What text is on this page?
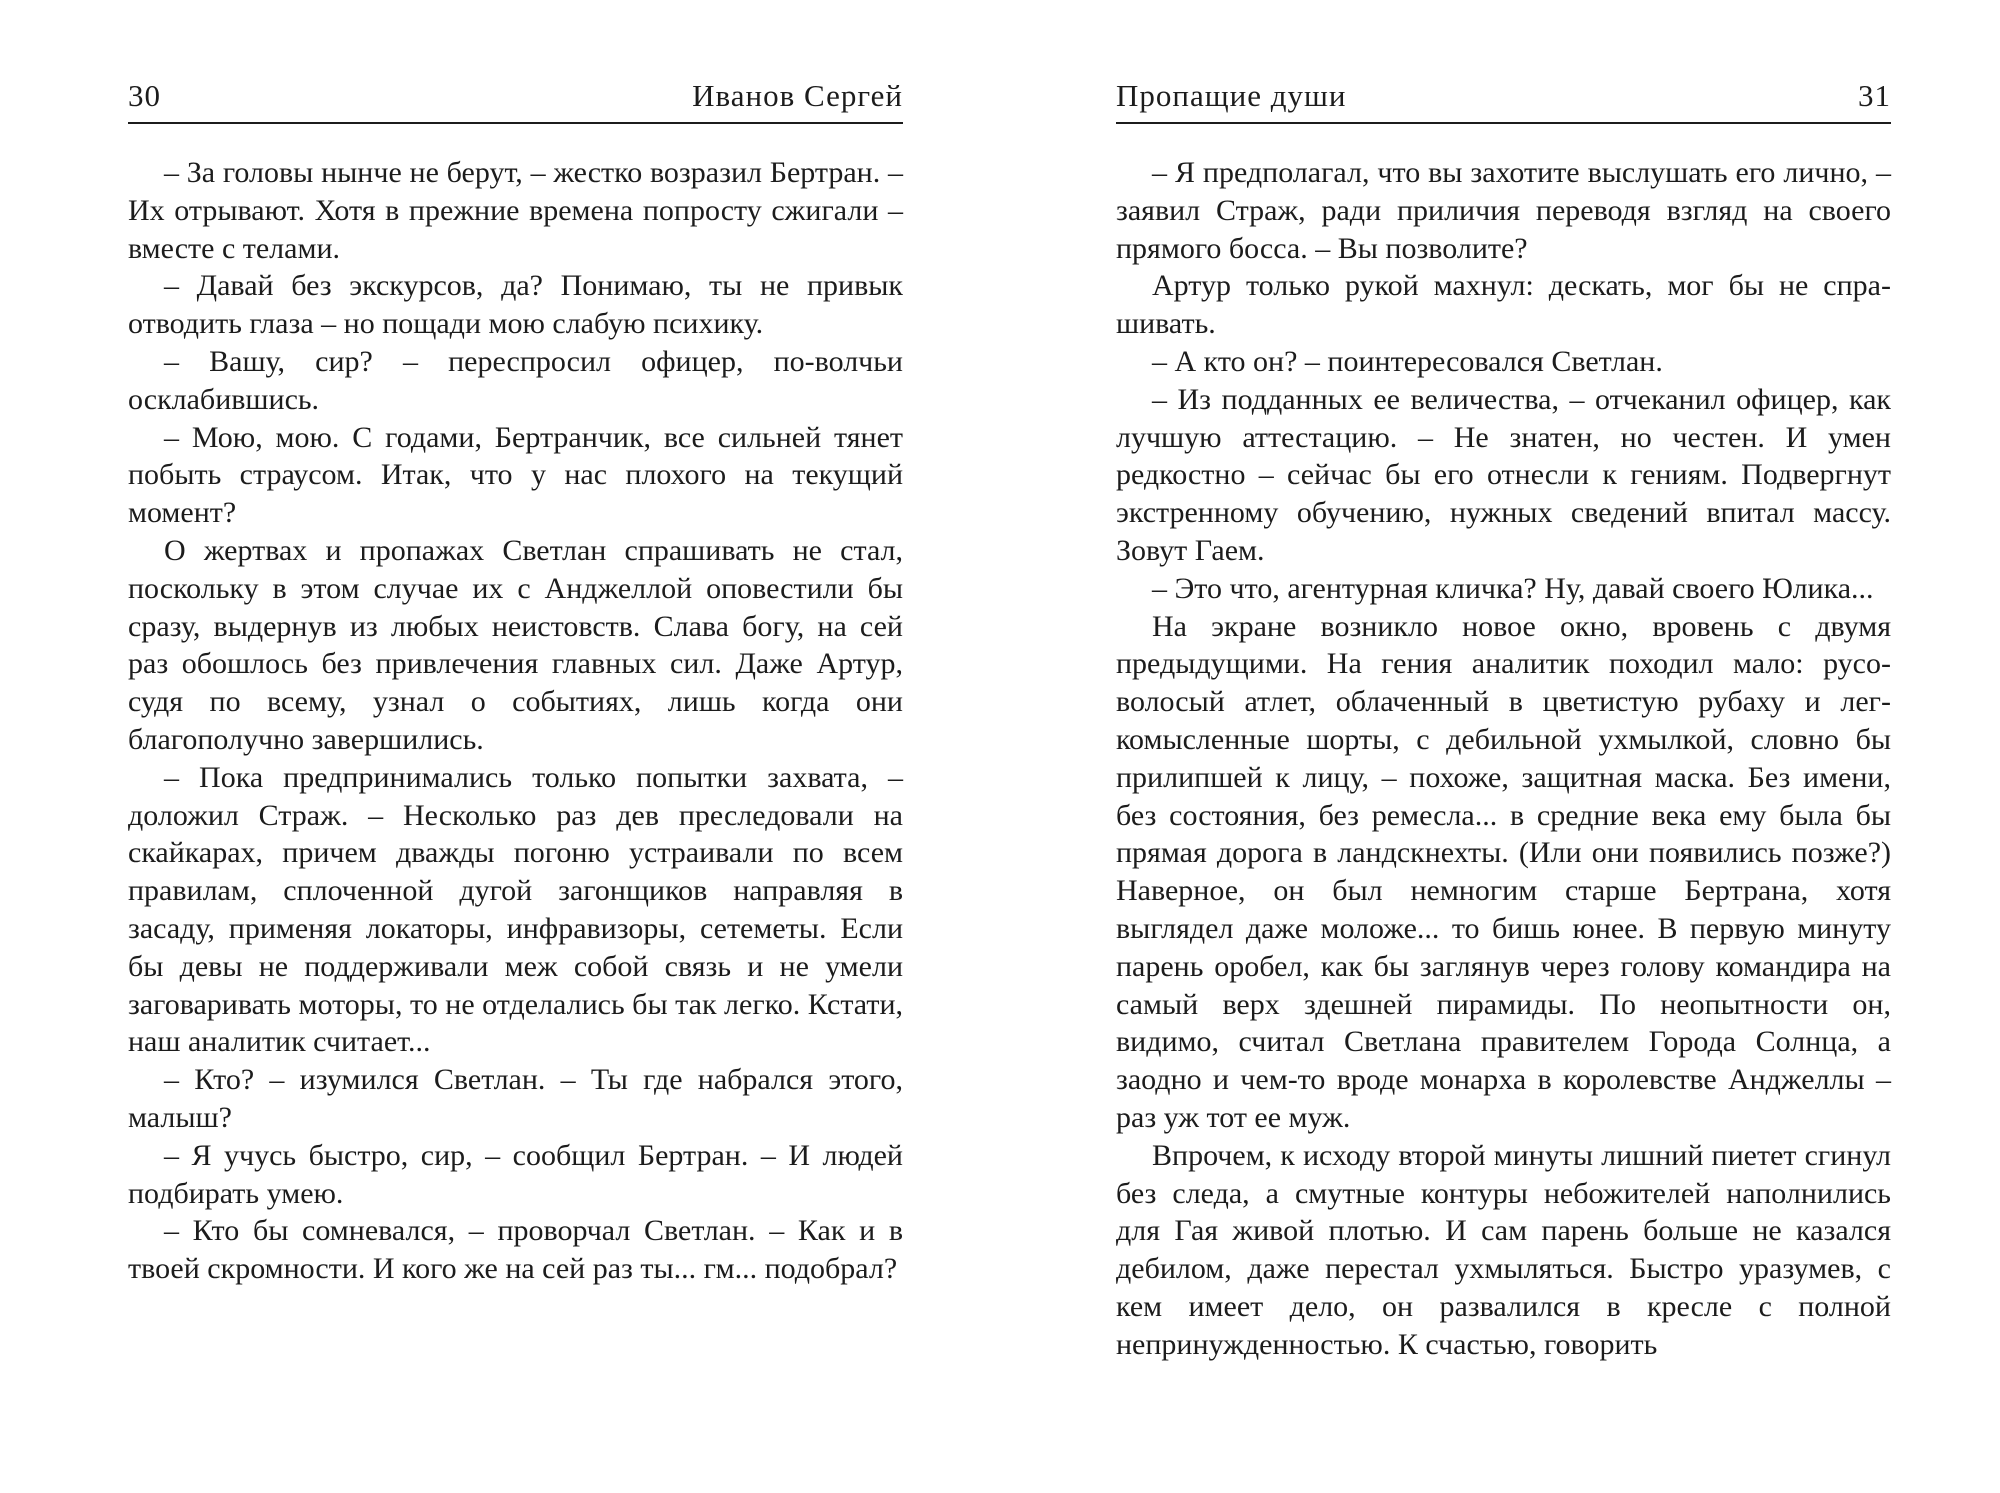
30	Иванов Сергей

– За головы нынче не берут, – жестко возразил Бертран. – Их отрывают. Хотя в прежние времена попросту сжигали – вместе с телами.

– Давай без экскурсов, да? Понимаю, ты не привык отводить глаза – но пощади мою слабую психику.

– Вашу, сир? – переспросил офицер, по-волчьи осклабившись.

– Мою, мою. С годами, Бертранчик, все сильней тянет побыть страусом. Итак, что у нас плохого на текущий момент?

О жертвах и пропажах Светлан спрашивать не стал, поскольку в этом случае их с Анджеллой оповестили бы сразу, выдернув из любых неистовств. Слава богу, на сей раз обошлось без привлечения главных сил. Даже Артур, судя по всему, узнал о событиях, лишь когда они благополучно завершились.

– Пока предпринимались только попытки захвата, – доложил Страж. – Несколько раз дев преследовали на скайкарах, причем дважды погоню устраивали по всем правилам, сплоченной дугой загонщиков направляя в засаду, применяя локаторы, инфравизоры, сетеметы. Если бы девы не поддерживали меж собой связь и не умели заговаривать моторы, то не отделались бы так легко. Кстати, наш аналитик считает...

– Кто? – изумился Светлан. – Ты где набрался этого, малыш?

– Я учусь быстро, сир, – сообщил Бертран. – И людей подбирать умею.

– Кто бы сомневался, – проворчал Светлан. – Как и в твоей скромности. И кого же на сей раз ты... гм... подобрал?

Пропащие души	31

– Я предполагал, что вы захотите выслушать его лично, – заявил Страж, ради приличия переводя взгляд на своего прямого босса. – Вы позволите?

Артур только рукой махнул: дескать, мог бы не спрашивать.

– А кто он? – поинтересовался Светлан.

– Из подданных ее величества, – отчеканил офицер, как лучшую аттестацию. – Не знатен, но честен. И умен редкостно – сейчас бы его отнесли к гениям. Подвергнут экстренному обучению, нужных сведений впитал массу. Зовут Гаем.

– Это что, агентурная кличка? Ну, давай своего Юлика...

На экране возникло новое окно, вровень с двумя предыдущими. На гения аналитик походил мало: русоволосый атлет, облаченный в цветистую рубаху и легкомысленные шорты, с дебильной ухмылкой, словно бы прилипшей к лицу, – похоже, защитная маска. Без имени, без состояния, без ремесла... в средние века ему была бы прямая дорога в ландскнехты. (Или они появились позже?) Наверное, он был немногим старше Бертрана, хотя выглядел даже моложе... то бишь юнее. В первую минуту парень оробел, как бы заглянув через голову командира на самый верх здешней пирамиды. По неопытности он, видимо, считал Светлана правителем Города Солнца, а заодно и чем-то вроде монарха в королевстве Анджеллы – раз уж тот ее муж.

Впрочем, к исходу второй минуты лишний пиетет сгинул без следа, а смутные контуры небожителей наполнились для Гая живой плотью. И сам парень больше не казался дебилом, даже перестал ухмыляться. Быстро уразумев, с кем имеет дело, он развалился в кресле с полной непринужденностью. К счастью, говорить
